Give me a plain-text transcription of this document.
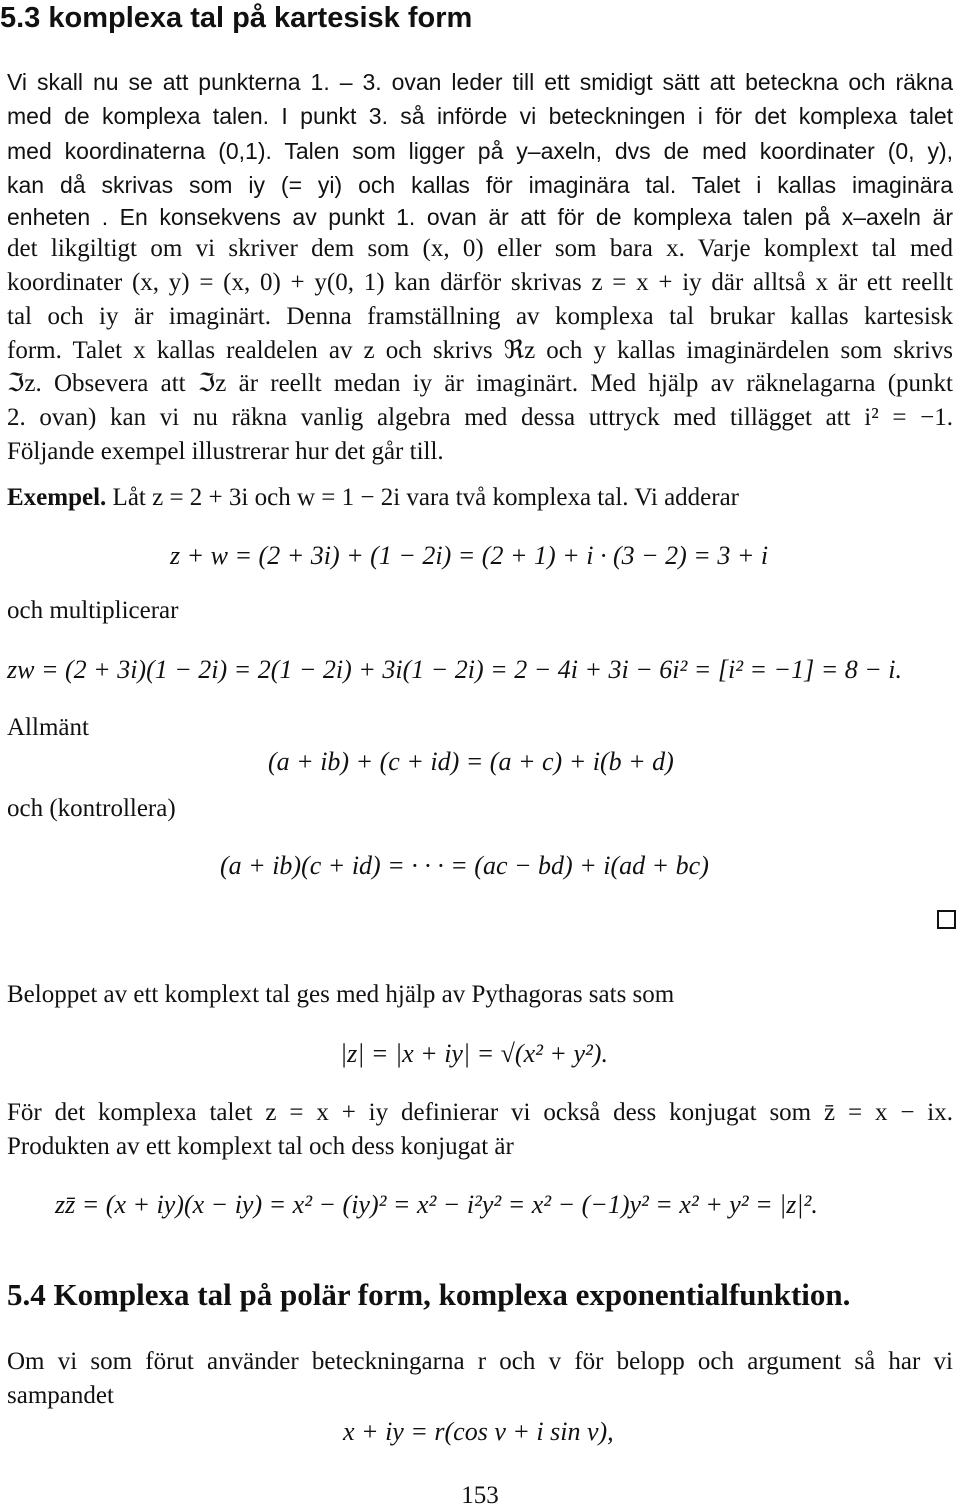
5.3 komplexa tal på kartesisk form
Vi skall nu se att punkterna 1. – 3. ovan leder till ett smidigt sätt att beteckna och räkna
med de komplexa talen. I punkt 3. så införde vi beteckningen i för det komplexa talet
med koordinaterna (0,1). Talen som ligger på y–axeln, dvs de med koordinater (0, y),
kan då skrivas som iy (= yi) och kallas för imaginära tal. Talet i kallas imaginära
enheten . En konsekvens av punkt 1. ovan är att för de komplexa talen på x–axeln är
det likgiltigt om vi skriver dem som (x, 0) eller som bara x. Varje komplext tal med
koordinater (x, y) = (x, 0) + y(0, 1) kan därför skrivas z = x + iy där alltså x är ett reellt
tal och iy är imaginärt. Denna framställning av komplexa tal brukar kallas kartesisk
form. Talet x kallas realdelen av z och skrivs ℜz och y kallas imaginärdelen som skrivs
ℑz. Obsevera att ℑz är reellt medan iy är imaginärt. Med hjälp av räknelagarna (punkt
2. ovan) kan vi nu räkna vanlig algebra med dessa uttryck med tillägget att i² = −1.
Följande exempel illustrerar hur det går till.
Exempel. Låt z = 2 + 3i och w = 1 − 2i vara två komplexa tal. Vi adderar
z + w = (2 + 3i) + (1 − 2i) = (2 + 1) + i · (3 − 2) = 3 + i
och multiplicerar
zw = (2 + 3i)(1 − 2i) = 2(1 − 2i) + 3i(1 − 2i) = 2 − 4i + 3i − 6i² = [i² = −1] = 8 − i.
Allmänt
(a + ib) + (c + id) = (a + c) + i(b + d)
och (kontrollera)
(a + ib)(c + id) = · · · = (ac − bd) + i(ad + bc)
Beloppet av ett komplext tal ges med hjälp av Pythagoras sats som
|z| = |x + iy| = √(x² + y²).
För det komplexa talet z = x + iy definierar vi också dess konjugat som z̄ = x − ix.
Produkten av ett komplext tal och dess konjugat är
zz̄ = (x + iy)(x − iy) = x² − (iy)² = x² − i²y² = x² − (−1)y² = x² + y² = |z|².
5.4 Komplexa tal på polär form, komplexa exponentialfunktion.
Om vi som förut använder beteckningarna r och v för belopp och argument så har vi
sampandet
x + iy = r(cos v + i sin v),
153
